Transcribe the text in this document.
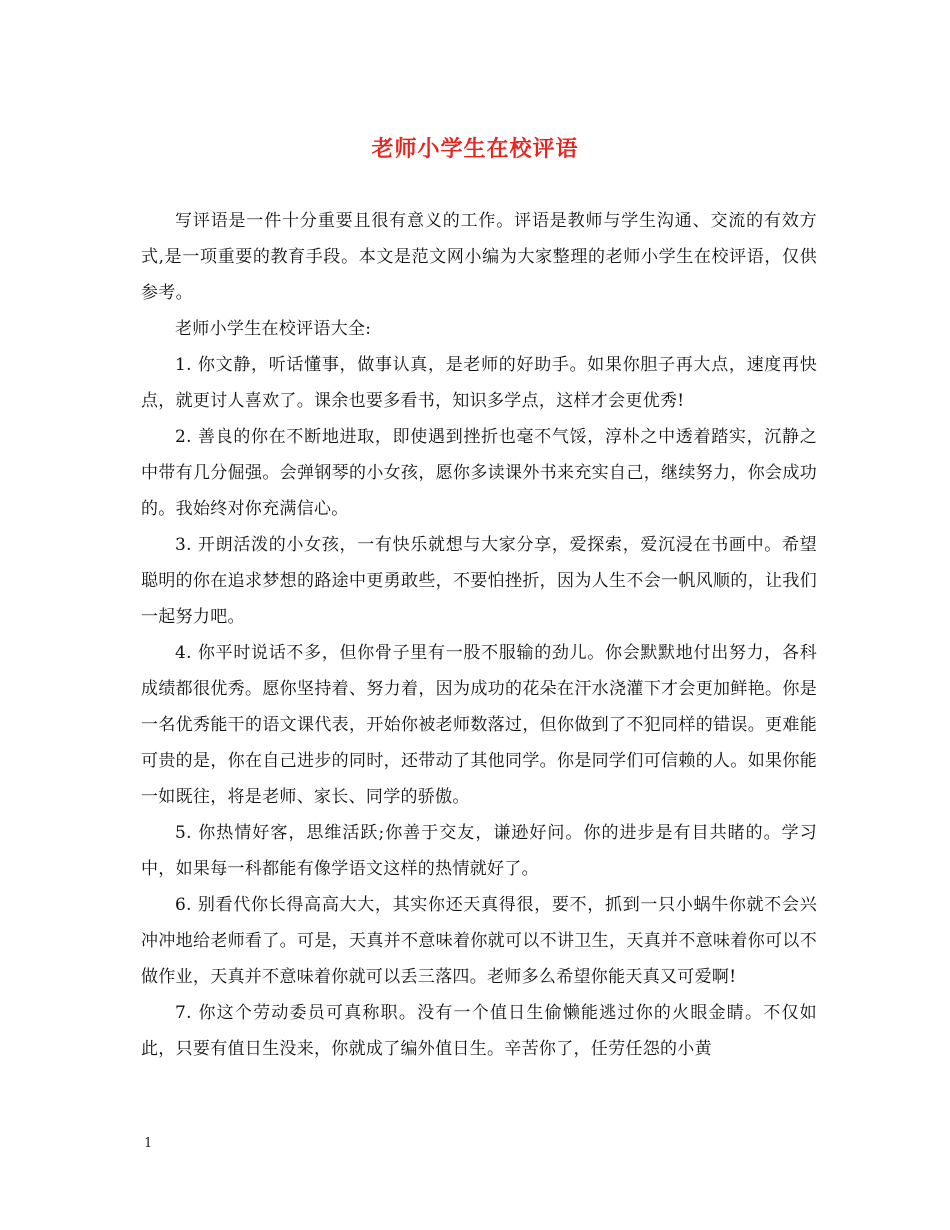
老师小学生在校评语

写评语是一件十分重要且很有意义的工作。评语是教师与学生沟通、交流的有效方式,是一项重要的教育手段。本文是范文网小编为大家整理的老师小学生在校评语，仅供参考。

老师小学生在校评语大全:

1. 你文静，听话懂事，做事认真，是老师的好助手。如果你胆子再大点，速度再快点，就更讨人喜欢了。课余也要多看书，知识多学点，这样才会更优秀!

2. 善良的你在不断地进取，即使遇到挫折也毫不气馁，淳朴之中透着踏实，沉静之中带有几分倔强。会弹钢琴的小女孩，愿你多读课外书来充实自己，继续努力，你会成功的。我始终对你充满信心。

3. 开朗活泼的小女孩，一有快乐就想与大家分享，爱探索，爱沉浸在书画中。希望聪明的你在追求梦想的路途中更勇敢些，不要怕挫折，因为人生不会一帆风顺的，让我们一起努力吧。

4. 你平时说话不多，但你骨子里有一股不服输的劲儿。你会默默地付出努力，各科成绩都很优秀。愿你坚持着、努力着，因为成功的花朵在汗水浇灌下才会更加鲜艳。你是一名优秀能干的语文课代表，开始你被老师数落过，但你做到了不犯同样的错误。更难能可贵的是，你在自己进步的同时，还带动了其他同学。你是同学们可信赖的人。如果你能一如既往，将是老师、家长、同学的骄傲。

5. 你热情好客，思维活跃;你善于交友，谦逊好问。你的进步是有目共睹的。学习中，如果每一科都能有像学语文这样的热情就好了。

6. 别看代你长得高高大大，其实你还天真得很，要不，抓到一只小蜗牛你就不会兴冲冲地给老师看了。可是，天真并不意味着你就可以不讲卫生，天真并不意味着你可以不做作业，天真并不意味着你就可以丢三落四。老师多么希望你能天真又可爱啊!

7. 你这个劳动委员可真称职。没有一个值日生偷懒能逃过你的火眼金睛。不仅如此，只要有值日生没来，你就成了编外值日生。辛苦你了，任劳任怨的小黄

1
